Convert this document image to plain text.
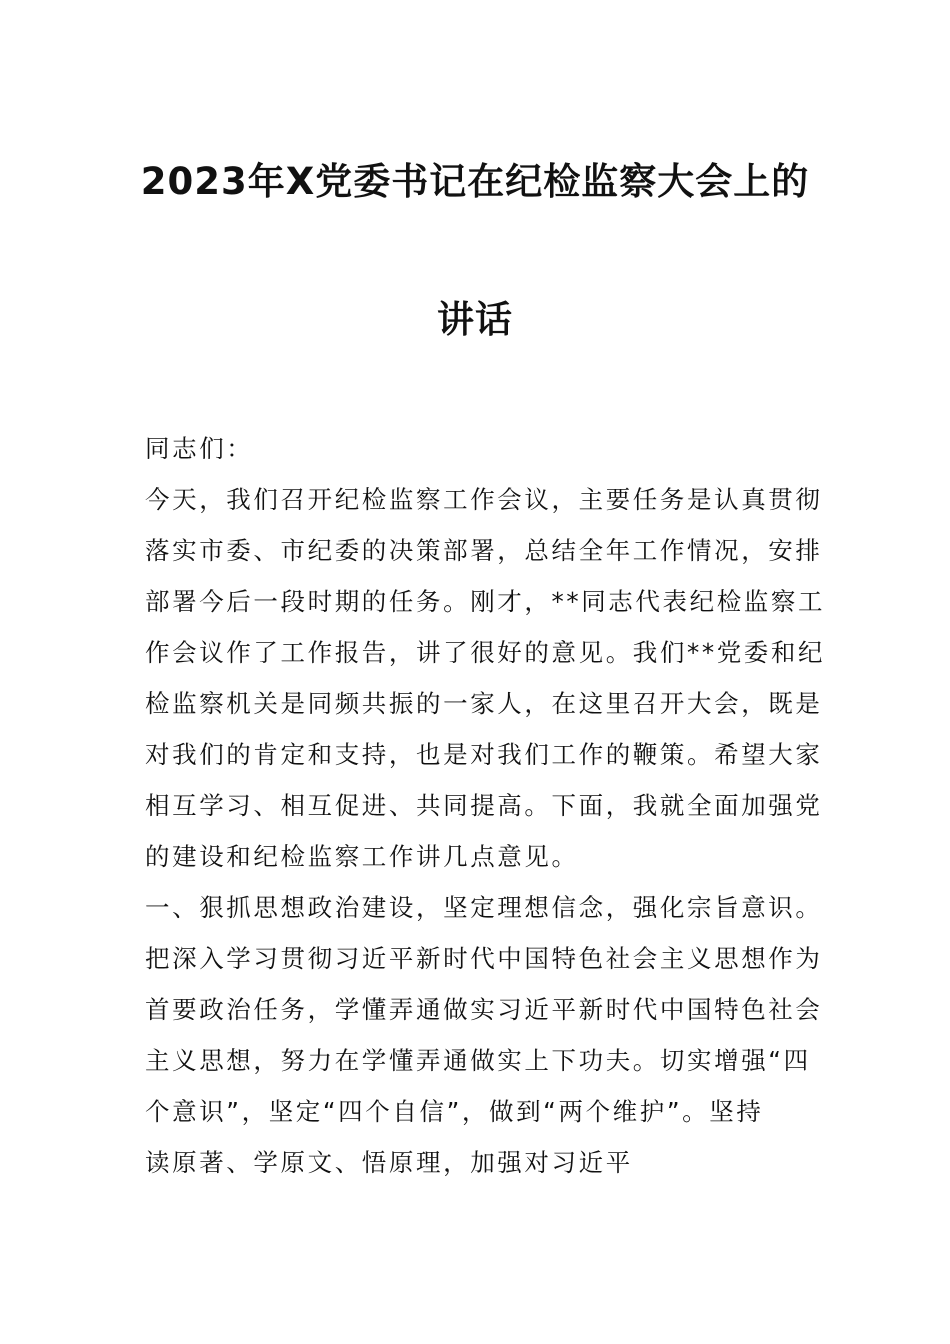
2023年X党委书记在纪检监察大会上的
讲话
同志们：
今天，我们召开纪检监察工作会议，主要任务是认真贯彻
落实市委、市纪委的决策部署，总结全年工作情况，安排
部署今后一段时期的任务。刚才，**同志代表纪检监察工
作会议作了工作报告，讲了很好的意见。我们**党委和纪
检监察机关是同频共振的一家人，在这里召开大会，既是
对我们的肯定和支持，也是对我们工作的鞭策。希望大家
相互学习、相互促进、共同提高。下面，我就全面加强党
的建设和纪检监察工作讲几点意见。
一、狠抓思想政治建设，坚定理想信念，强化宗旨意识。
把深入学习贯彻习近平新时代中国特色社会主义思想作为
首要政治任务，学懂弄通做实习近平新时代中国特色社会
主义思想，努力在学懂弄通做实上下功夫。切实增强“四
个意识”，坚定“四个自信”，做到“两个维护”。坚持
读原著、学原文、悟原理，加强对习近平
